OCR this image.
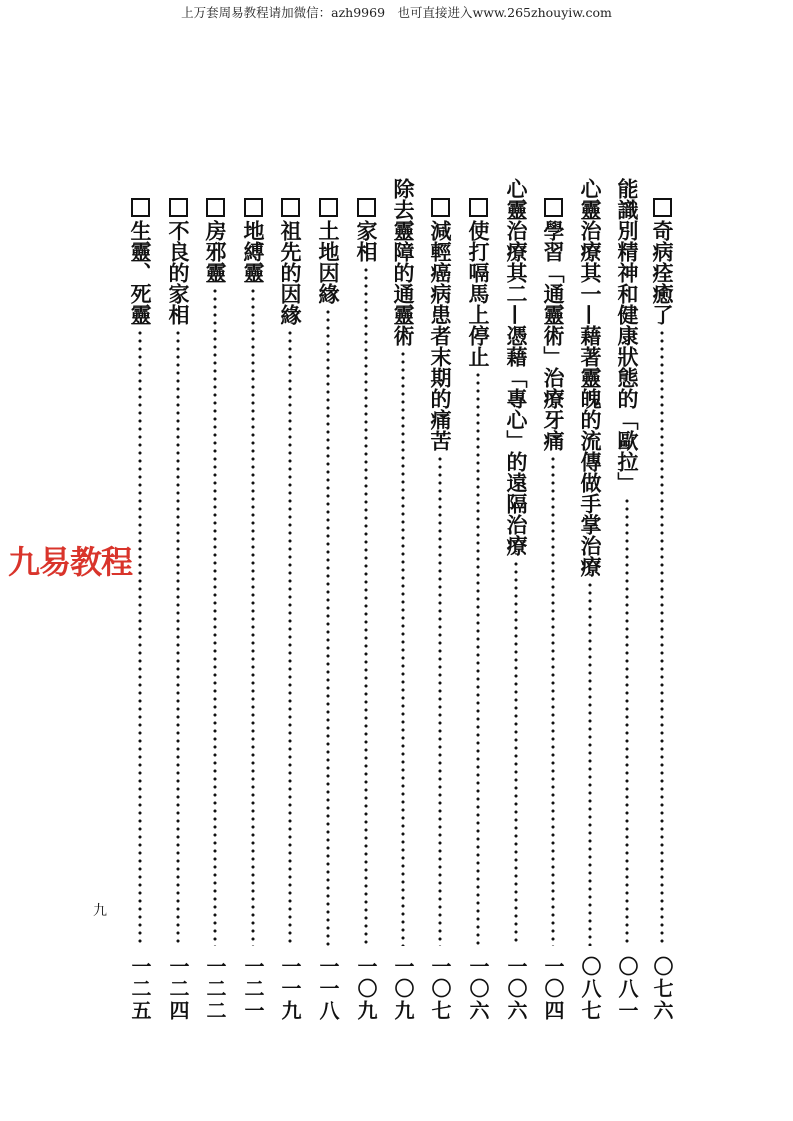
上万套周易教程请加微信：azh9969　也可直接进入www.265zhouyiw.com
九易教程
九
奇病痊癒了
〇七六
能識別精神和健康狀態的「歐拉」
〇八一
心靈治療其一—藉著靈魄的流傳做手掌治療
〇八七
學習「通靈術」治療牙痛
一〇四
心靈治療其二—憑藉「專心」的遠隔治療
一〇六
使打嗝馬上停止
一〇六
減輕癌病患者末期的痛苦
一〇七
除去靈障的通靈術
一〇九
家相
一〇九
土地因緣
一一八
祖先的因緣
一一九
地縛靈
一二一
房邪靈
一二二
不良的家相
一二四
生靈、死靈
一二五
